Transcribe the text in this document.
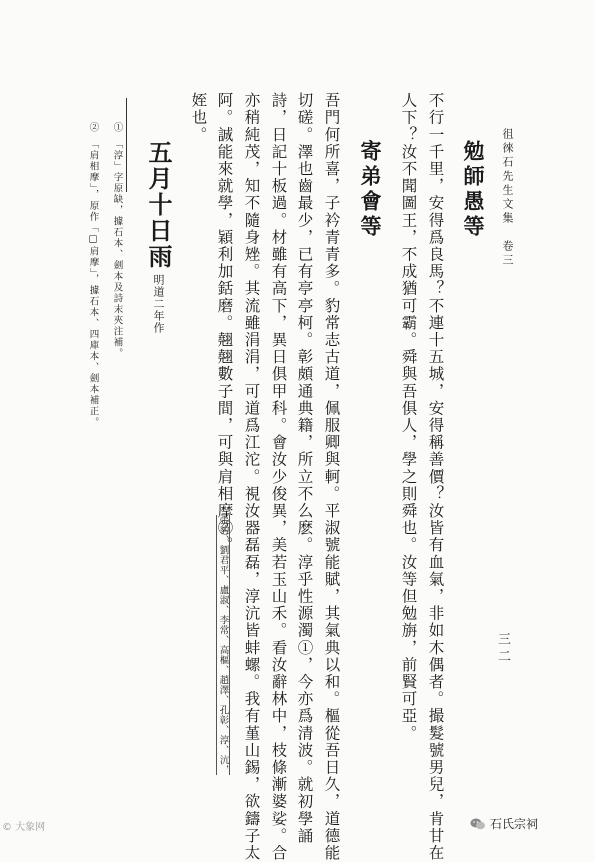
徂徠石先生文集　卷三
三二
勉師愚等
不行一千里，安得爲良馬？不連十五城，安得稱善價？汝皆有血氣，非如木偶者。撮髮號男兒，肯甘在
人下？汝不聞圖王，不成猶可霸。舜與吾俱人，學之則舜也。汝等但勉旃，前賢可亞。
寄弟會等
吾門何所喜，子衿青青多。豹常志古道，佩服卿與軻。平淑號能賦，其氣典以和。樞從吾日久，道德能
切磋。澤也齒最少，已有亭亭柯。彰頗通典籍，所立不么麽。淳乎性源濁①，今亦爲清波。就初學誦
詩，日記十板過。材雖有高下，異日俱甲科。會汝少俊異，美若玉山禾。看汝辭林中，枝條漸婆娑。合
亦稍純茂，知不隨身矬。其流雖涓涓，可道爲江沱。視汝器磊磊，淳沆皆蚌螺。我有堇山錫，欲鑄子太
阿。誠能來就學，穎利加銛磨。翹翹數子間，可與肩相摩②。
張豹、劉君平、盧淑、李常、高樞、趙澤、孔彰、淳、沆，
姪也。
五月十日雨明道二年作
①　「淳」字原缺，據石本、劍本及詩末夾注補。
②　「肩相摩」，原作「□肩摩」，據石本、四庫本、劍本補正。
© 大象网	石氏宗祠
